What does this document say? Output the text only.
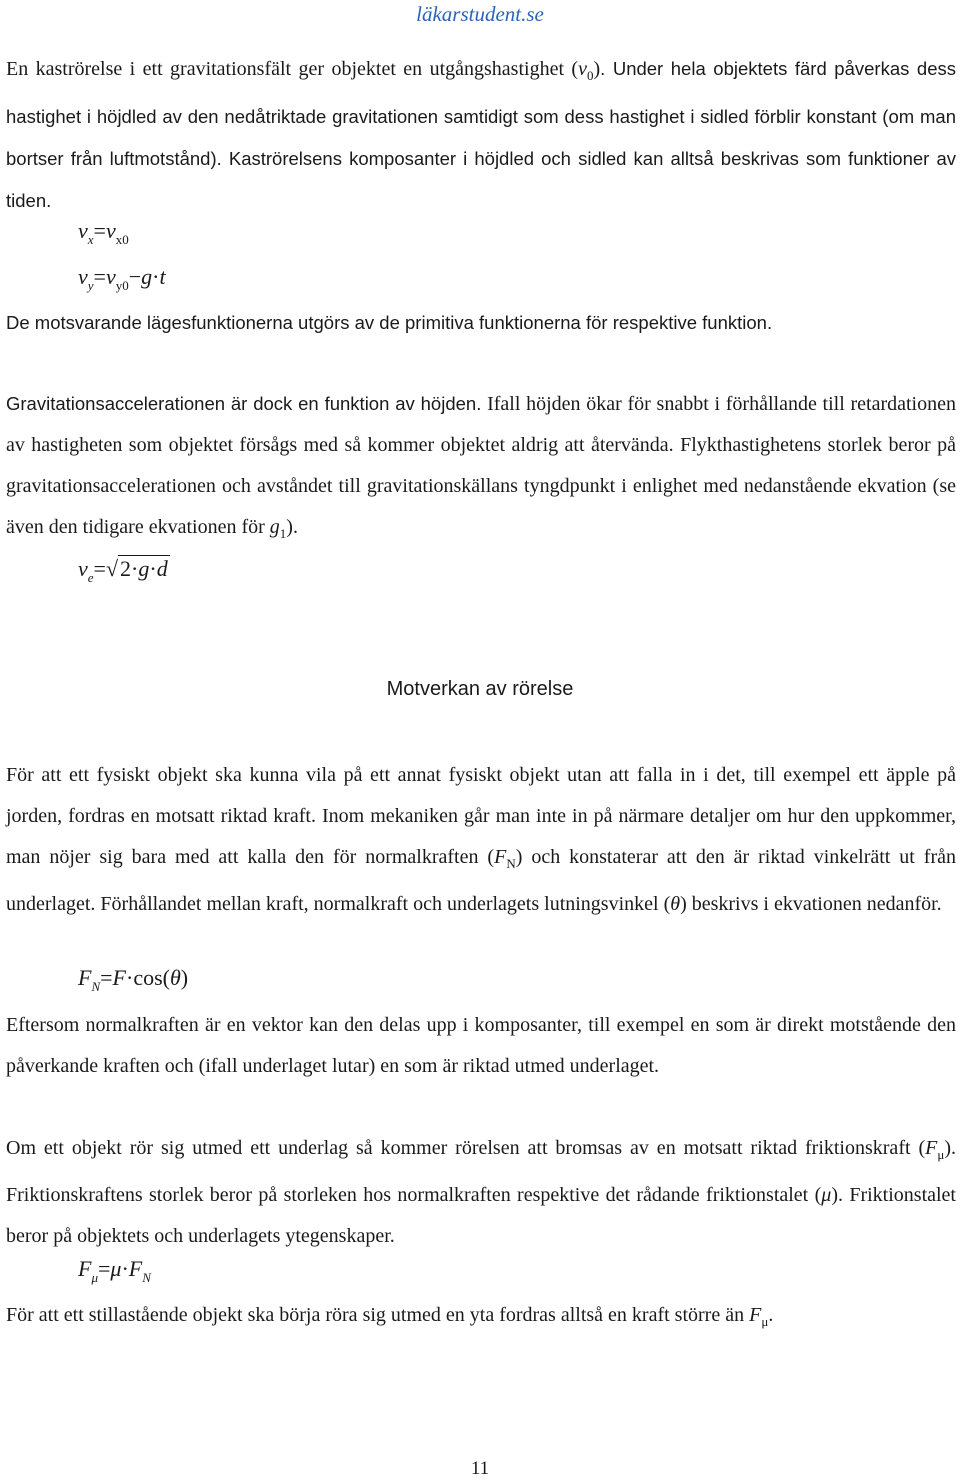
läkarstudent.se

En kaströrelse i ett gravitationsfält ger objektet en utgångshastighet $(v_0)$. Under hela objektets färd påverkas dess hastighet i höjdled av den nedåtriktade gravitationen samtidigt som dess hastighet i sidled förblir konstant (om man bortser från luftmotstånd). Kaströrelsens komposanter i höjdled och sidled kan alltså beskrivas som funktioner av tiden.

$v_x=v_{x0}$
$v_y=v_{y0}-g\cdot t$

De motsvarande lägesfunktionerna utgörs av de primitiva funktionerna för respektive funktion.

Gravitationsaccelerationen är dock en funktion av höjden. Ifall höjden ökar för snabbt i förhållande till retardationen av hastigheten som objektet försågs med så kommer objektet aldrig att återvända. Flykthastighetens storlek beror på gravitationsaccelerationen och avståndet till gravitationskällans tyngdpunkt i enlighet med nedanstående ekvation (se även den tidigare ekvationen för $g_1$).

$v_e=√2\cdot g\cdot d$
Motverkan av rörelse

För att ett fysiskt objekt ska kunna vila på ett annat fysiskt objekt utan att falla in i det, till exempel ett äpple på jorden, fordras en motsatt riktad kraft. Inom mekaniken går man inte in på närmare detaljer om hur den uppkommer, man nöjer sig bara med att kalla den för normalkraften $(F_N)$ och konstaterar att den är riktad vinkelrätt ut från underlaget. Förhållandet mellan kraft, normalkraft och underlagets lutningsvinkel (θ) beskrivs i ekvationen nedanför.

$F_N=F\cdot\cos(\theta)$

Eftersom normalkraften är en vektor kan den delas upp i komposanter, till exempel en som är direkt motstående den påverkande kraften och (ifall underlaget lutar) en som är riktad utmed underlaget.

Om ett objekt rör sig utmed ett underlag så kommer rörelsen att bromsas av en motsatt riktad friktionskraft $(F_\mu)$. Friktionskraftens storlek beror på storleken hos normalkraften respektive det rådande friktionstalet (μ). Friktionstalet beror på objektets och underlagets ytegenskaper.

$F_\mu=\mu\cdot F_N$

För att ett stillastående objekt ska börja röra sig utmed en yta fordras alltså en kraft större än $F_\mu$.

11
